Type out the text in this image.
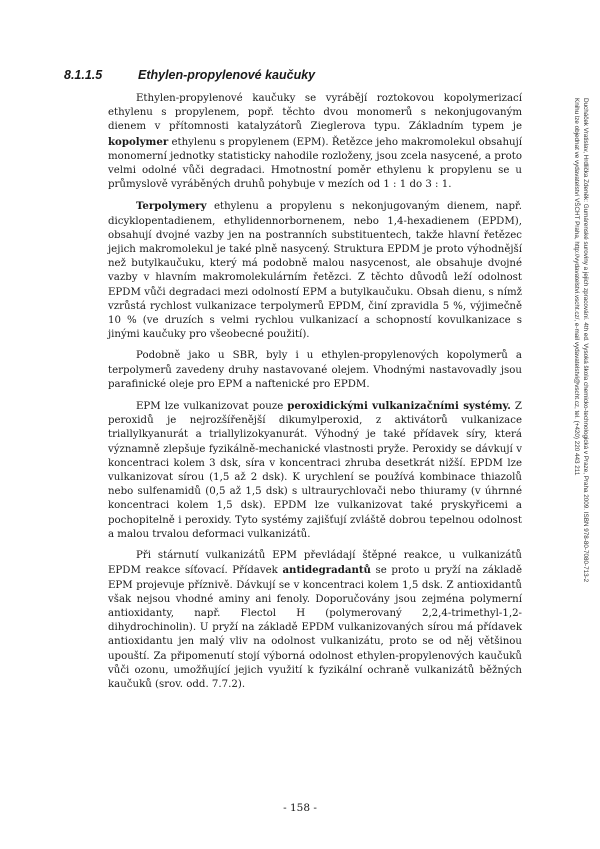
8.1.1.5	Ethylen-propylenové kaučuky

Ethylen-propylenové kaučuky se vyrábějí roztokovou kopolymerizací ethylenu s propylenem, popř. těchto dvou monomerů s nekonjugovaným dienem v přítomnosti katalyzátorů Zieglerova typu. Základním typem je kopolymer ethylenu s propylenem (EPM). Řetězce jeho makromolekul obsahují monomerní jednotky statisticky nahodile rozloženy, jsou zcela nasycené, a proto velmi odolné vůči degradaci. Hmotnostní poměr ethylenu k propylenu se u průmyslově vyráběných druhů pohybuje v mezích od 1 : 1 do 3 : 1.

Terpolymery ethylenu a propylenu s nekonjugovaným dienem, např. dicyklopentadienem, ethylidennorbornenem, nebo 1,4-hexadienem (EPDM), obsahují dvojné vazby jen na postranních substituentech, takže hlavní řetězec jejich makromolekul je také plně nasycený. Struktura EPDM je proto výhodnější než butylkaučuku, který má podobně malou nasycenost, ale obsahuje dvojné vazby v hlavním makromolekulárním řetězci. Z těchto důvodů leží odolnost EPDM vůči degradaci mezi odolností EPM a butylkaučuku. Obsah dienu, s nímž vzrůstá rychlost vulkanizace terpolymerů EPDM, činí zpravidla 5 %, výjimečně 10 % (ve druzích s velmi rychlou vulkanizací a schopností kovulkanizace s jinými kaučuky pro všeobecné použití).

Podobně jako u SBR, byly i u ethylen-propylenových kopolymerů a terpolymerů zavedeny druhy nastavované olejem. Vhodnými nastavovadly jsou parafinické oleje pro EPM a naftenické pro EPDM.

EPM lze vulkanizovat pouze peroxidickými vulkanizačními systémy. Z peroxidů je nejrozšířenější dikumylperoxid, z aktivátorů vulkanizace triallylkyanurát a triallylizokyanurát. Výhodný je také přídavek síry, která významně zlepšuje fyzikálně-mechanické vlastnosti pryže. Peroxidy se dávkují v koncentraci kolem 3 dsk, síra v koncentraci zhruba desetkrát nižší. EPDM lze vulkanizovat sírou (1,5 až 2 dsk). K urychlení se používá kombinace thiazolů nebo sulfenamidů (0,5 až 1,5 dsk) s ultraurychlovači nebo thiuramy (v úhrnné koncentraci kolem 1,5 dsk). EPDM lze vulkanizovat také pryskyřicemi a pochopitelně i peroxidy. Tyto systémy zajišťují zvláště dobrou tepelnou odolnost a malou trvalou deformaci vulkanizátů.

Při stárnutí vulkanizátů EPM převládají štěpné reakce, u vulkanizátů EPDM reakce síťovací. Přídavek antidegradantů se proto u pryží na základě EPM projevuje příznivě. Dávkují se v koncentraci kolem 1,5 dsk. Z antioxidantů však nejsou vhodné aminy ani fenoly. Doporučovány jsou zejména polymerní antioxidanty, např. Flectol H (polymerovaný 2,2,4-trimethyl-1,2-dihydrochinolin). U pryží na základě EPDM vulkanizovaných sírou má přídavek antioxidantu jen malý vliv na odolnost vulkanizátu, proto se od něj většinou upouští. Za připomenutí stojí výborná odolnost ethylen-propylenových kaučuků vůči ozonu, umožňující jejich využití k fyzikální ochraně vulkanizátů běžných kaučuků (srov. odd. 7.7.2).

Ducháček Vratislav, Hrdlička Zdeněk: Gumárenské suroviny a jejich zpracování. 4th ed. Vysoká škola chemicko-technologická v Praze, Praha 2009. ISBN 978-80-7080-713-2
Knihu lze objednat ve vydavatelství VŠCHT Praha, http://vydavatelstvi.vscht.cz/, e-mail vydavatelstvi@vscht.cz, tel. (+420) 220 443 211
- 158 -
